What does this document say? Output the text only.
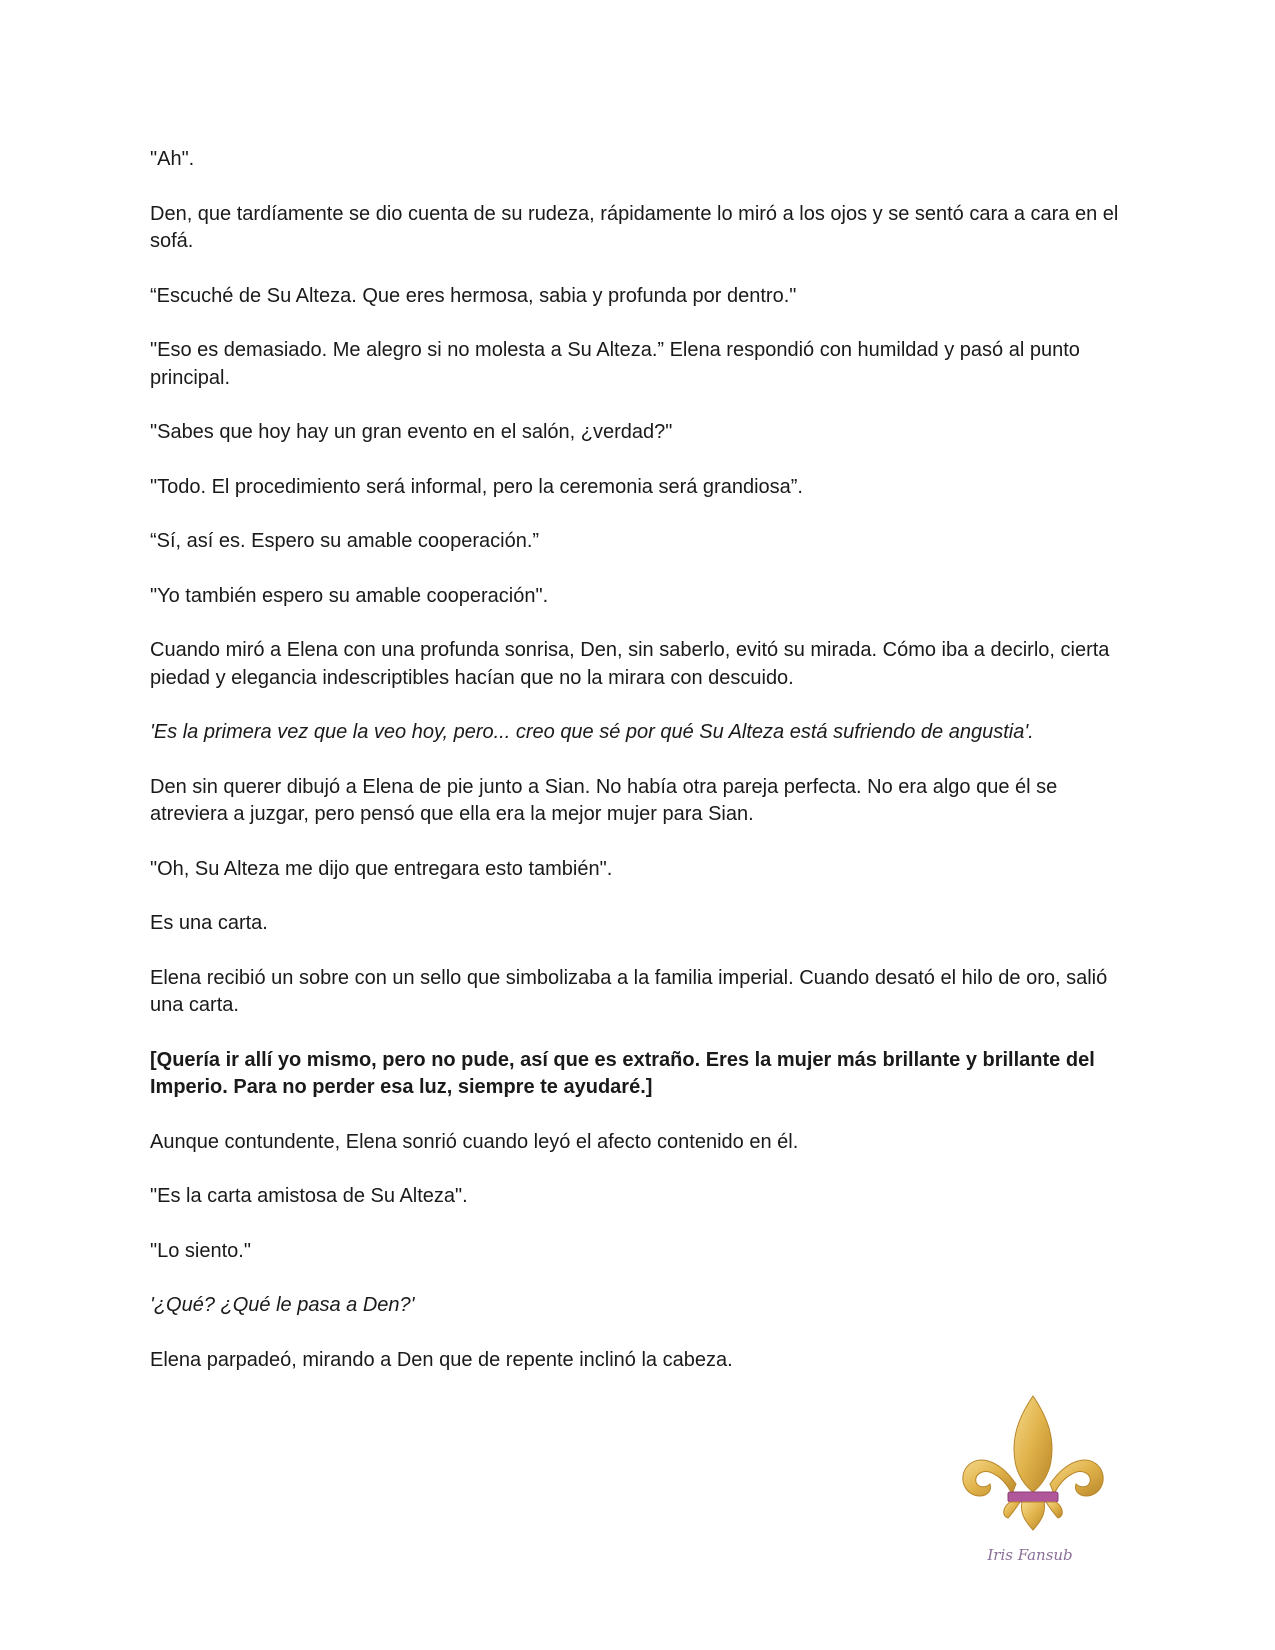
"Ah".

Den, que tardíamente se dio cuenta de su rudeza, rápidamente lo miró a los ojos y se sentó cara a cara en el sofá.

“Escuché de Su Alteza. Que eres hermosa, sabia y profunda por dentro."

"Eso es demasiado. Me alegro si no molesta a Su Alteza.” Elena respondió con humildad y pasó al punto principal.

"Sabes que hoy hay un gran evento en el salón, ¿verdad?"

"Todo. El procedimiento será informal, pero la ceremonia será grandiosa”.

“Sí, así es. Espero su amable cooperación.”

"Yo también espero su amable cooperación".

Cuando miró a Elena con una profunda sonrisa, Den, sin saberlo, evitó su mirada. Cómo iba a decirlo, cierta piedad y elegancia indescriptibles hacían que no la mirara con descuido.

'Es la primera vez que la veo hoy, pero... creo que sé por qué Su Alteza está sufriendo de angustia'.

Den sin querer dibujó a Elena de pie junto a Sian. No había otra pareja perfecta. No era algo que él se atreviera a juzgar, pero pensó que ella era la mejor mujer para Sian.

"Oh, Su Alteza me dijo que entregara esto también".

Es una carta.

Elena recibió un sobre con un sello que simbolizaba a la familia imperial. Cuando desató el hilo de oro, salió una carta.

[Quería ir allí yo mismo, pero no pude, así que es extraño. Eres la mujer más brillante y brillante del Imperio. Para no perder esa luz, siempre te ayudaré.]

Aunque contundente, Elena sonrió cuando leyó el afecto contenido en él.

"Es la carta amistosa de Su Alteza".

"Lo siento."

'¿Qué? ¿Qué le pasa a Den?'

Elena parpadeó, mirando a Den que de repente inclinó la cabeza.

Iris Fansub
